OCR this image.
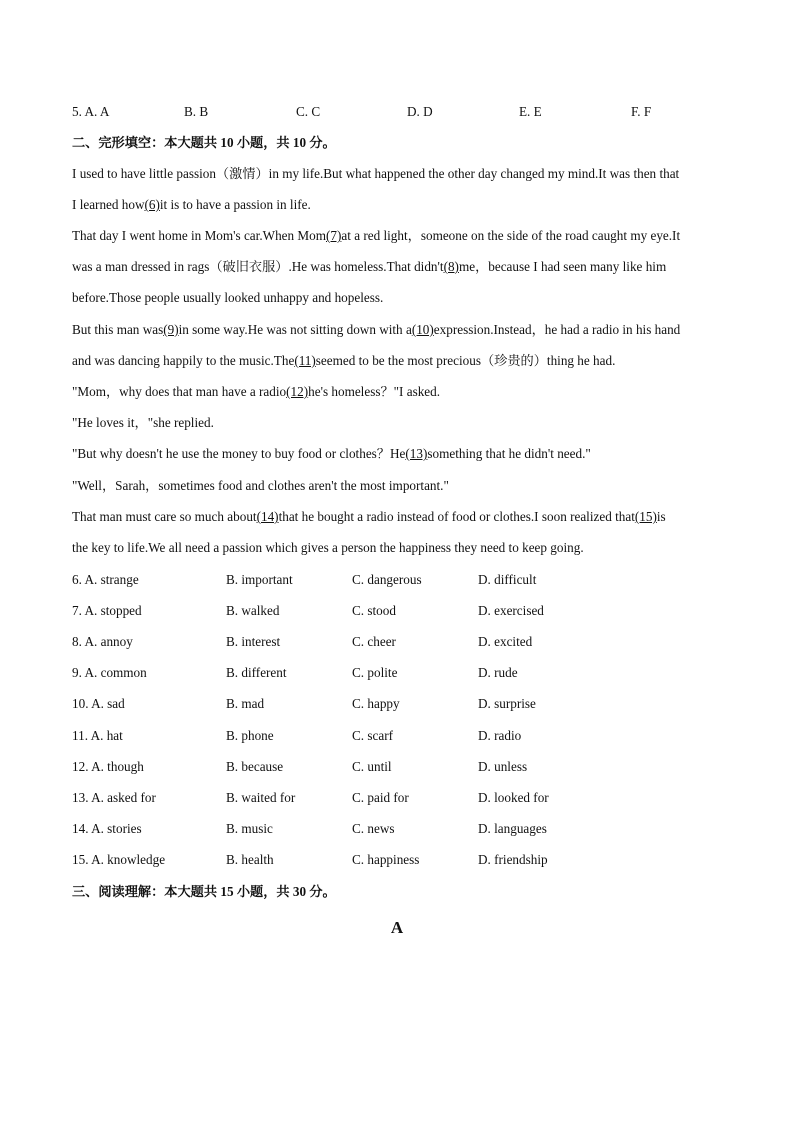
5. A. A	B. B	C. C	D. D	E. E	F. F
二、完形填空：本大题共 10 小题，共 10 分。
I used to have little passion（激情）in my life.But what happened the other day changed my mind.It was then that
I learned how(6)it is to have a passion in life.
That day I went home in Mom's car.When Mom(7)at a red light，someone on the side of the road caught my eye.It
was a man dressed in rags（破旧衣服）.He was homeless.That didn't(8)me，because I had seen many like him
before.Those people usually looked unhappy and hopeless.
But this man was(9)in some way.He was not sitting down with a(10)expression.Instead，he had a radio in his hand
and was dancing happily to the music.The(11)seemed to be the most precious（珍贵的）thing he had.
"Mom，why does that man have a radio(12)he's homeless？"I asked.
"He loves it，"she replied.
"But why doesn't he use the money to buy food or clothes？He(13)something that he didn't need."
"Well，Sarah，sometimes food and clothes aren't the most important."
That man must care so much about(14)that he bought a radio instead of food or clothes.I soon realized that(15)is
the key to life.We all need a passion which gives a person the happiness they need to keep going.
6. A. strange	B. important	C. dangerous	D. difficult
7. A. stopped	B. walked	C. stood	D. exercised
8. A. annoy	B. interest	C. cheer	D. excited
9. A. common	B. different	C. polite	D. rude
10. A. sad	B. mad	C. happy	D. surprise
11. A. hat	B. phone	C. scarf	D. radio
12. A. though	B. because	C. until	D. unless
13. A. asked for	B. waited for	C. paid for	D. looked for
14. A. stories	B. music	C. news	D. languages
15. A. knowledge	B. health	C. happiness	D. friendship
三、阅读理解：本大题共 15 小题，共 30 分。
A
